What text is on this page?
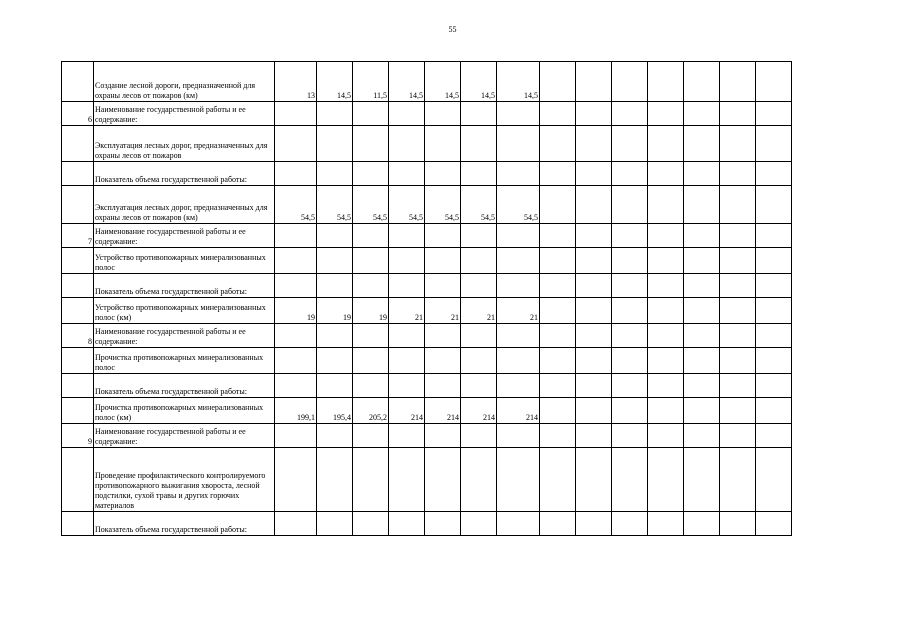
55
	Создание лесной дороги, предназначенной для охраны лесов от пожаров (км)	13	14,5	11,5	14,5	14,5	14,5	14,5							
6	Наименование государственной работы и ее содержание:														
	Эксплуатация лесных дорог, предназначенных для охраны лесов от пожаров														
	Показатель объема государственной работы:														
	Эксплуатация лесных дорог, предназначенных для охраны лесов от пожаров (км)	54,5	54,5	54,5	54,5	54,5	54,5	54,5							
7	Наименование государственной работы и ее содержание:														
	Устройство противопожарных минерализованных полос														
	Показатель объема государственной работы:														
	Устройство противопожарных минерализованных полос (км)	19	19	19	21	21	21	21							
8	Наименование государственной работы и ее содержание:														
	Прочистка противопожарных минерализованных полос														
	Показатель объема государственной работы:														
	Прочистка противопожарных минерализованных полос (км)	199,1	195,4	205,2	214	214	214	214							
9	Наименование государственной работы и ее содержание:														
	Проведение профилактического контролируемого противопожарного выжигания хвороста, лесной подстилки, сухой травы и других горючих материалов														
	Показатель объема государственной работы:														
